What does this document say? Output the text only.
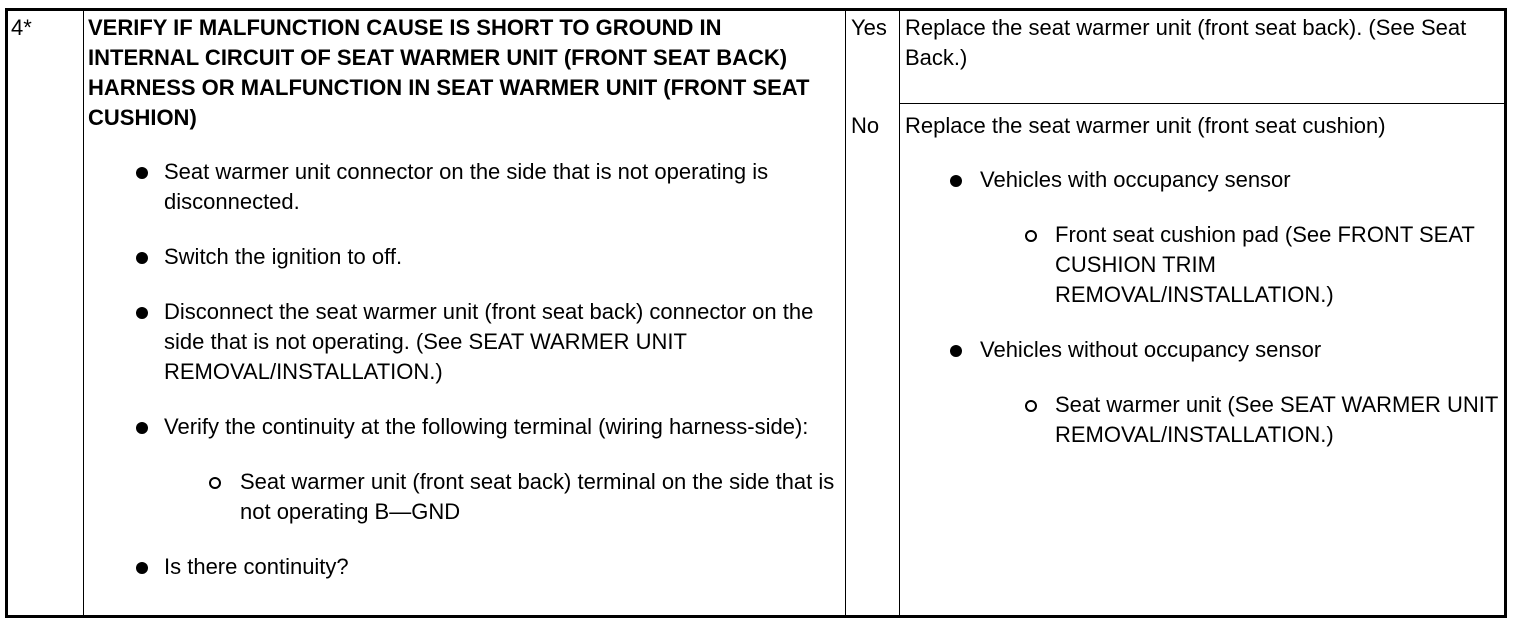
4*	VERIFY IF MALFUNCTION CAUSE IS SHORT TO GROUND IN INTERNAL CIRCUIT OF SEAT WARMER UNIT (FRONT SEAT BACK) HARNESS OR MALFUNCTION IN SEAT WARMER UNIT (FRONT SEAT CUSHION)

Seat warmer unit connector on the side that is not operating is disconnected.
Switch the ignition to off.
Disconnect the seat warmer unit (front seat back) connector on the side that is not operating. (See SEAT WARMER UNIT REMOVAL/INSTALLATION.)
Verify the continuity at the following terminal (wiring harness-side):
Seat warmer unit (front seat back) terminal on the side that is not operating B—GND
Is there continuity?
Yes Replace the seat warmer unit (front seat back). (See Seat Back.)
No Replace the seat warmer unit (front seat cushion)
Vehicles with occupancy sensor
Front seat cushion pad (See FRONT SEAT CUSHION TRIM REMOVAL/INSTALLATION.)
Vehicles without occupancy sensor
Seat warmer unit (See SEAT WARMER UNIT REMOVAL/INSTALLATION.)
